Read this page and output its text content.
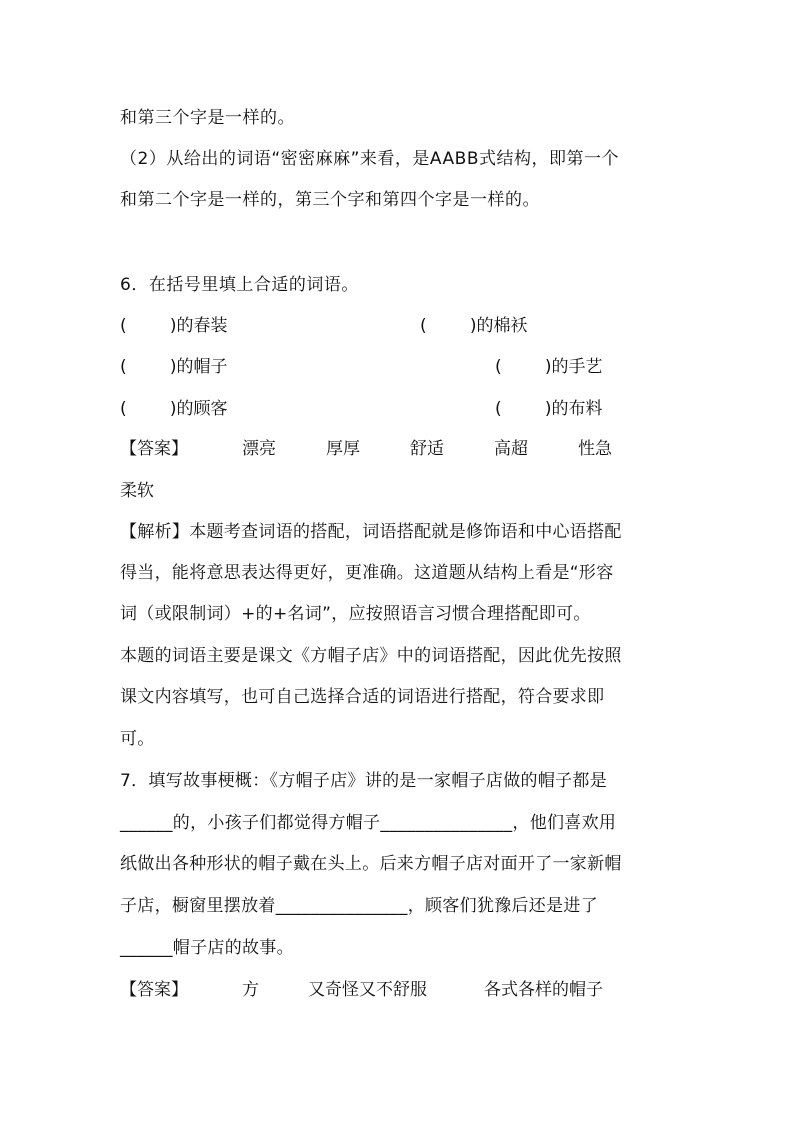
和第三个字是一样的。
（2）从给出的词语“密密麻麻”来看，是AABB式结构，即第一个
和第二个字是一样的，第三个字和第四个字是一样的。
6．在括号里填上合适的词语。
(        )的春装	(        )的棉袄
(        )的帽子	(        )的手艺
(        )的顾客	(        )的布料
【答案】	漂亮	厚厚	舒适	高超	性急
柔软
【解析】本题考查词语的搭配，词语搭配就是修饰语和中心语搭配
得当，能将意思表达得更好，更准确。这道题从结构上看是“形容
词（或限制词）+的+名词”，应按照语言习惯合理搭配即可。
本题的词语主要是课文《方帽子店》中的词语搭配，因此优先按照
课文内容填写，也可自己选择合适的词语进行搭配，符合要求即
可。
7．填写故事梗概：《方帽子店》讲的是一家帽子店做的帽子都是
______的，小孩子们都觉得方帽子_______________，他们喜欢用
纸做出各种形状的帽子戴在头上。后来方帽子店对面开了一家新帽
子店，橱窗里摆放着_______________，顾客们犹豫后还是进了
______帽子店的故事。
【答案】	方	又奇怪又不舒服	各式各样的帽子
